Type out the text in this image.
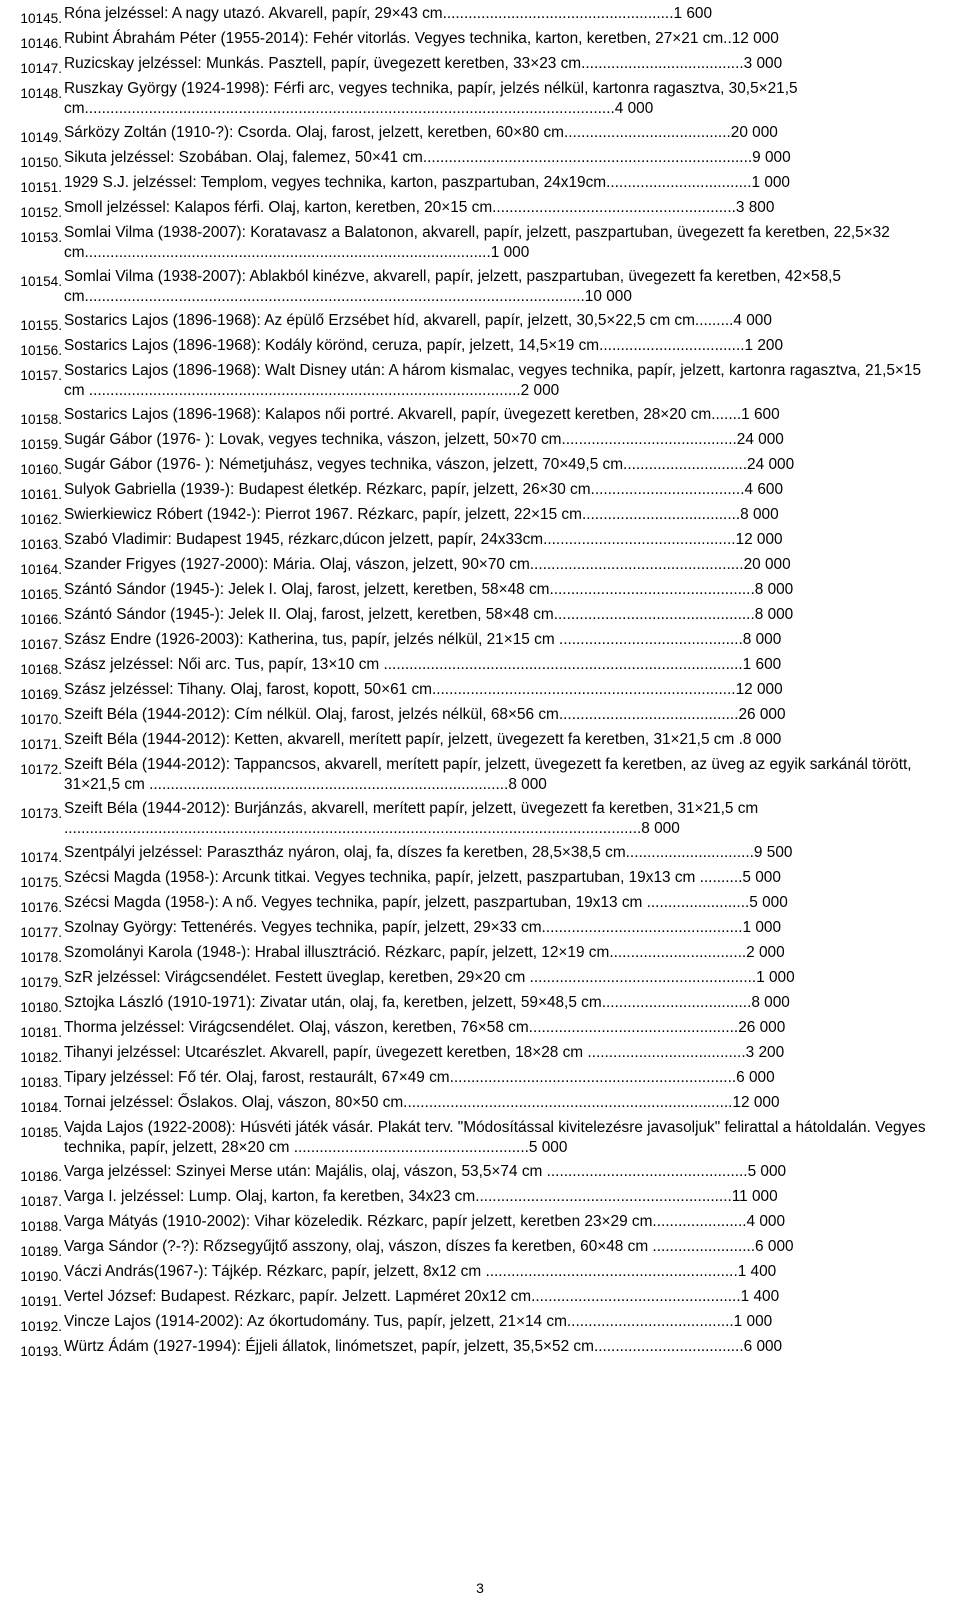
10145. Róna jelzéssel: A nagy utazó. Akvarell, papír, 29×43 cm......................................................1 600
10146. Rubint Ábrahám Péter (1955-2014): Fehér vitorlás. Vegyes technika, karton, keretben, 27×21 cm..12 000
10147. Ruzicskay jelzéssel: Munkás. Pasztell, papír, üvegezett keretben, 33×23 cm......................................3 000
10148. Ruszkay György (1924-1998): Férfi arc, vegyes technika, papír, jelzés nélkül, kartonra ragasztva, 30,5×21,5 cm............................................................................................................................4 000
10149. Sárközy Zoltán (1910-?): Csorda. Olaj, farost, jelzett, keretben, 60×80 cm.......................................20 000
10150. Sikuta jelzéssel: Szobában. Olaj, falemez, 50×41 cm.............................................................................9 000
10151. 1929 S.J. jelzéssel: Templom, vegyes technika, karton, paszpartuban, 24x19cm..................................1 000
10152. Smoll jelzéssel: Kalapos férfi. Olaj, karton, keretben, 20×15 cm.........................................................3 800
10153. Somlai Vilma (1938-2007): Koratavasz a Balatonon, akvarell, papír, jelzett, paszpartuban, üvegezett fa keretben, 22,5×32 cm...............................................................................................1 000
10154. Somlai Vilma (1938-2007): Ablakból kinézve, akvarell, papír, jelzett, paszpartuban, üvegezett fa keretben, 42×58,5 cm.....................................................................................................................10 000
10155. Sostarics Lajos (1896-1968): Az épülő Erzsébet híd, akvarell, papír, jelzett, 30,5×22,5 cm cm.........4 000
10156. Sostarics Lajos (1896-1968): Kodály körönd, ceruza, papír, jelzett, 14,5×19 cm..................................1 200
10157. Sostarics Lajos (1896-1968): Walt Disney után: A három kismalac, vegyes technika, papír, jelzett, kartonra ragasztva, 21,5×15 cm .....................................................................................................2 000
10158. Sostarics Lajos (1896-1968): Kalapos női portré. Akvarell, papír, üvegezett keretben, 28×20 cm.......1 600
10159. Sugár Gábor (1976- ): Lovak, vegyes technika, vászon, jelzett, 50×70 cm.........................................24 000
10160. Sugár Gábor (1976- ): Németjuhász, vegyes technika, vászon, jelzett, 70×49,5 cm.............................24 000
10161. Sulyok Gabriella (1939-): Budapest életkép. Rézkarc, papír, jelzett, 26×30 cm....................................4 600
10162. Swierkiewicz Róbert (1942-): Pierrot 1967. Rézkarc, papír, jelzett, 22×15 cm.....................................8 000
10163. Szabó Vladimir: Budapest 1945, rézkarc,dúcon jelzett, papír, 24x33cm.............................................12 000
10164. Szander Frigyes (1927-2000): Mária. Olaj, vászon, jelzett, 90×70 cm..................................................20 000
10165. Szántó Sándor (1945-): Jelek I. Olaj, farost, jelzett, keretben, 58×48 cm................................................8 000
10166. Szántó Sándor (1945-): Jelek II. Olaj, farost, jelzett, keretben, 58×48 cm...............................................8 000
10167. Szász Endre (1926-2003): Katherina, tus, papír, jelzés nélkül, 21×15 cm ...........................................8 000
10168. Szász jelzéssel: Női arc. Tus, papír, 13×10 cm ....................................................................................1 600
10169. Szász jelzéssel: Tihany. Olaj, farost, kopott, 50×61 cm.......................................................................12 000
10170. Szeift Béla (1944-2012): Cím nélkül. Olaj, farost, jelzés nélkül, 68×56 cm..........................................26 000
10171. Szeift Béla (1944-2012): Ketten, akvarell, merített papír, jelzett, üvegezett fa keretben, 31×21,5 cm .8 000
10172. Szeift Béla (1944-2012): Tappancsos, akvarell, merített papír, jelzett, üvegezett fa keretben, az üveg az egyik sarkánál törött, 31×21,5 cm ....................................................................................8 000
10173. Szeift Béla (1944-2012): Burjánzás, akvarell, merített papír, jelzett, üvegezett fa keretben, 31×21,5 cm .......................................................................................................................................8 000
10174. Szentpályi jelzéssel: Parasztház nyáron, olaj, fa, díszes fa keretben, 28,5×38,5 cm..............................9 500
10175. Szécsi Magda (1958-): Arcunk titkai. Vegyes technika, papír, jelzett, paszpartuban, 19x13 cm ..........5 000
10176. Szécsi Magda (1958-): A nő. Vegyes technika, papír, jelzett, paszpartuban, 19x13 cm ........................5 000
10177. Szolnay György: Tettenérés. Vegyes technika, papír, jelzett, 29×33 cm...............................................1 000
10178. Szomolányi Karola (1948-): Hrabal illusztráció. Rézkarc, papír, jelzett, 12×19 cm................................2 000
10179. SzR jelzéssel: Virágcsendélet. Festett üveglap, keretben, 29×20 cm .....................................................1 000
10180. Sztojka László (1910-1971): Zivatar után, olaj, fa, keretben, jelzett, 59×48,5 cm...................................8 000
10181. Thorma jelzéssel: Virágcsendélet. Olaj, vászon, keretben, 76×58 cm.................................................26 000
10182. Tihanyi jelzéssel: Utcarészlet. Akvarell, papír, üvegezett keretben, 18×28 cm .....................................3 200
10183. Tipary jelzéssel: Fő tér. Olaj, farost, restaurált, 67×49 cm...................................................................6 000
10184. Tornai jelzéssel: Őslakos. Olaj, vászon, 80×50 cm.............................................................................12 000
10185. Vajda Lajos (1922-2008): Húsvéti játék vásár. Plakát terv. "Módosítással kivitelezésre javasoljuk" felirattal a hátoldalán. Vegyes technika, papír, jelzett, 28×20 cm .......................................................5 000
10186. Varga jelzéssel: Szinyei Merse után: Majális, olaj, vászon, 53,5×74 cm ...............................................5 000
10187. Varga I. jelzéssel: Lump. Olaj, karton, fa keretben, 34x23 cm............................................................11 000
10188. Varga Mátyás (1910-2002): Vihar közeledik. Rézkarc, papír jelzett, keretben 23×29 cm......................4 000
10189. Varga Sándor (?-?): Rőzsegyűjtő asszony, olaj, vászon, díszes fa keretben, 60×48 cm ........................6 000
10190. Váczi András(1967-): Tájkép. Rézkarc, papír, jelzett, 8x12 cm ...........................................................1 400
10191. Vertel József: Budapest. Rézkarc, papír. Jelzett. Lapméret 20x12 cm.................................................1 400
10192. Vincze Lajos (1914-2002): Az ókortudomány. Tus, papír, jelzett, 21×14 cm.......................................1 000
10193. Würtz Ádám (1927-1994): Éjjeli állatok, linómetszet, papír, jelzett, 35,5×52 cm...................................6 000
3
